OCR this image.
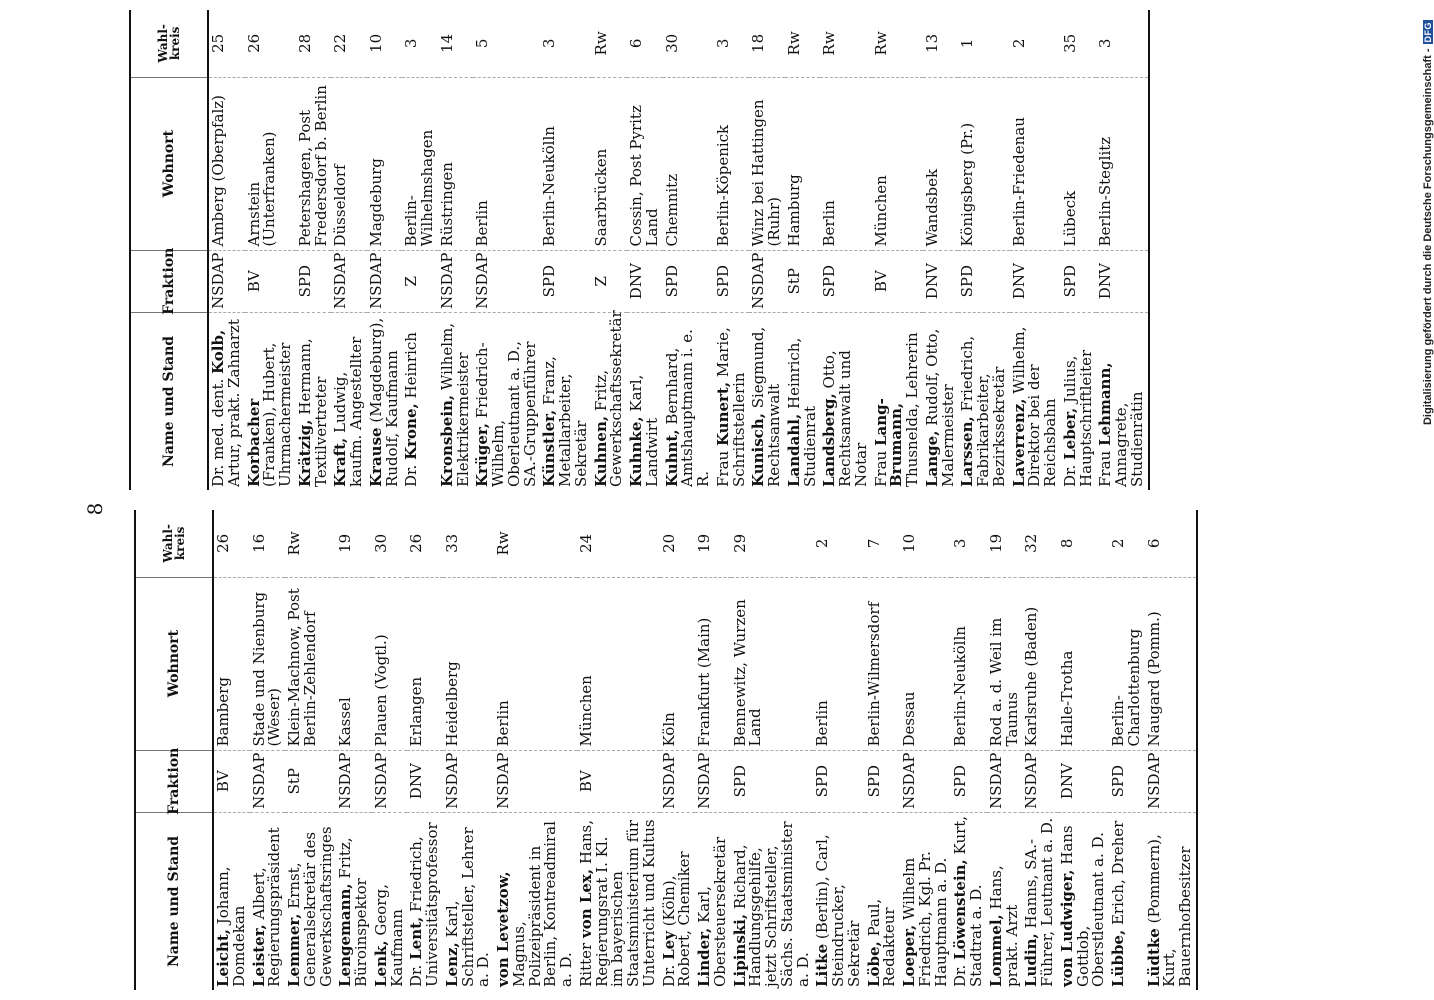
8
Name und Stand	Fraktion	Wohnort	Wahl-
kreis

Dr. med. dent. Kolb, Artur, prakt. Zahnarzt	NSDAP	Amberg (Oberpfalz)	25
Korbacher (Franken), Hubert, Uhrmachermeister	BV	Arnstein (Unterfranken)	26
Krätzig, Hermann, Textilvertreter	SPD	Petershagen, Post Fredersdorf b. Berlin	28
Kraft, Ludwig, kaufm. Angestellter	NSDAP	Düsseldorf	22
Krause (Magdeburg), Rudolf, Kaufmann	NSDAP	Magdeburg	10
Dr. Krone, Heinrich	Z	Berlin-Wilhelmshagen	3
Kronsbein, Wilhelm, Elektrikermeister	NSDAP	Rüstringen	14
Krüger, Friedrich-Wilhelm, Oberleutnant a. D., SA.-Gruppenführer	NSDAP	Berlin	5
Künstler, Franz, Metallarbeiter, Sekretär	SPD	Berlin-Neukölln	3
Kuhnen, Fritz, Gewerkschaftssekretär	Z	Saarbrücken	Rw
Kuhnke, Karl, Landwirt	DNV	Cossin, Post Pyritz Land	6
Kuhnt, Bernhard, Amtshauptmann i. e. R.	SPD	Chemnitz	30
Frau Kunert, Marie, Schriftstellerin	SPD	Berlin-Köpenick	3
Kunisch, Siegmund, Rechtsanwalt	NSDAP	Winz bei Hattingen (Ruhr)	18
Landahl, Heinrich, Studienrat	StP	Hamburg	Rw
Landsberg, Otto, Rechtsanwalt und Notar	SPD	Berlin	Rw
Frau Lang-Brumann, Thusnelda, Lehrerin	BV	München	Rw
Lange, Rudolf, Otto, Malermeister	DNV	Wandsbek	13
Larssen, Friedrich, Fabrikarbeiter, Bezirkssekretär	SPD	Königsberg (Pr.)	1
Laverrenz, Wilhelm, Direktor bei der Reichsbahn	DNV	Berlin-Friedenau	2
Dr. Leber, Julius, Hauptschriftleiter	SPD	Lübeck	35
Frau Lehmann, Annagrete, Studienrätin	DNV	Berlin-Steglitz	3
Name und Stand	Fraktion	Wohnort	Wahl-
kreis

Leicht, Johann, Domdekan	BV	Bamberg	26
Leister, Albert, Regierungspräsident	NSDAP	Stade und Nienburg (Weser)	16
Lemmer, Ernst, Generalsekretär des Gewerkschaftsringes	StP	Klein-Machnow, Post Berlin-Zehlendorf	Rw
Lengemann, Fritz, Büroinspektor	NSDAP	Kassel	19
Lenk, Georg, Kaufmann	NSDAP	Plauen (Vogtl.)	30
Dr. Lent, Friedrich, Universitätsprofessor	DNV	Erlangen	26
Lenz, Karl, Schriftsteller, Lehrer a. D.	NSDAP	Heidelberg	33
von Levetzow, Magnus, Polizeipräsident in Berlin, Kontreadmiral a. D.	NSDAP	Berlin	Rw
Ritter von Lex, Hans, Regierungsrat I. Kl. im bayerischen Staatsministerium für Unterricht und Kultus	BV	München	24
Dr. Ley (Köln), Robert, Chemiker	NSDAP	Köln	20
Linder, Karl, Obersteuersekretär	NSDAP	Frankfurt (Main)	19
Lipinski, Richard, Handlungsgehilfe, jetzt Schriftsteller, Sächs. Staatsminister a. D.	SPD	Bennewitz, Wurzen Land	29
Litke (Berlin), Carl, Steindrucker, Sekretär	SPD	Berlin	2
Löbe, Paul, Redakteur	SPD	Berlin-Wilmersdorf	7
Loeper, Wilhelm Friedrich, Kgl. Pr. Hauptmann a. D.	NSDAP	Dessau	10
Dr. Löwenstein, Kurt, Stadtrat a. D.	SPD	Berlin-Neukölln	3
Lommel, Hans, prakt. Arzt	NSDAP	Rod a. d. Weil im Taunus	19
Ludin, Hanns, SA.-Führer, Leutnant a. D.	NSDAP	Karlsruhe (Baden)	32
von Ludwiger, Hans Gottlob, Oberstleutnant a. D.	DNV	Halle-Trotha	8
Lübbe, Erich, Dreher	SPD	Berlin-Charlottenburg	2
Lüdtke (Pommern), Kurt, Bauernhofbesitzer	NSDAP	Naugard (Pomm.)	6
Digitalisierung gefördert durch die Deutsche Forschungsgemeinschaft -
DFG
